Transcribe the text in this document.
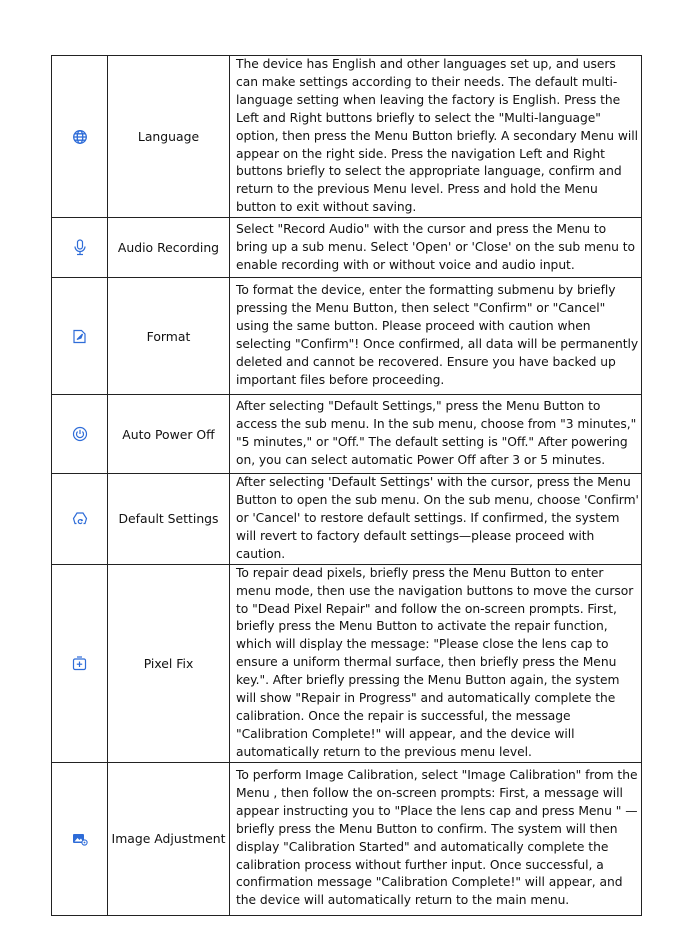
	Language	The device has English and other languages set up, and users can make settings according to their needs. The default multi-language setting when leaving the factory is English. Press the Left and Right buttons briefly to select the "Multi-language" option, then press the Menu Button briefly. A secondary Menu will appear on the right side. Press the navigation Left and Right buttons briefly to select the appropriate language, confirm and return to the previous Menu level. Press and hold the Menu button to exit without saving.

	Audio Recording	Select "Record Audio" with the cursor and press the Menu to bring up a sub menu. Select 'Open' or 'Close' on the sub menu to enable recording with or without voice and audio input.

	Format	To format the device, enter the formatting submenu by briefly pressing the Menu Button, then select "Confirm" or "Cancel" using the same button. Please proceed with caution when selecting "Confirm"! Once confirmed, all data will be permanently deleted and cannot be recovered. Ensure you have backed up important files before proceeding.

	Auto Power Off	After selecting "Default Settings," press the Menu Button to access the sub menu. In the sub menu, choose from "3 minutes," "5 minutes," or "Off." The default setting is "Off." After powering on, you can select automatic Power Off after 3 or 5 minutes.

	Default Settings	After selecting 'Default Settings' with the cursor, press the Menu Button to open the sub menu. On the sub menu, choose 'Confirm' or 'Cancel' to restore default settings. If confirmed, the system will revert to factory default settings—please proceed with caution.

	Pixel Fix	To repair dead pixels, briefly press the Menu Button to enter menu mode, then use the navigation buttons to move the cursor to "Dead Pixel Repair" and follow the on-screen prompts. First, briefly press the Menu Button to activate the repair function, which will display the message: "Please close the lens cap to ensure a uniform thermal surface, then briefly press the Menu key.". After briefly pressing the Menu Button again, the system will show "Repair in Progress" and automatically complete the calibration. Once the repair is successful, the message "Calibration Complete!" will appear, and the device will automatically return to the previous menu level.

	Image Adjustment	To perform Image Calibration, select "Image Calibration" from the Menu , then follow the on-screen prompts: First, a message will appear instructing you to "Place the lens cap and press Menu " — briefly press the Menu Button to confirm. The system will then display "Calibration Started" and automatically complete the calibration process without further input. Once successful, a confirmation message "Calibration Complete!" will appear, and the device will automatically return to the main menu.
